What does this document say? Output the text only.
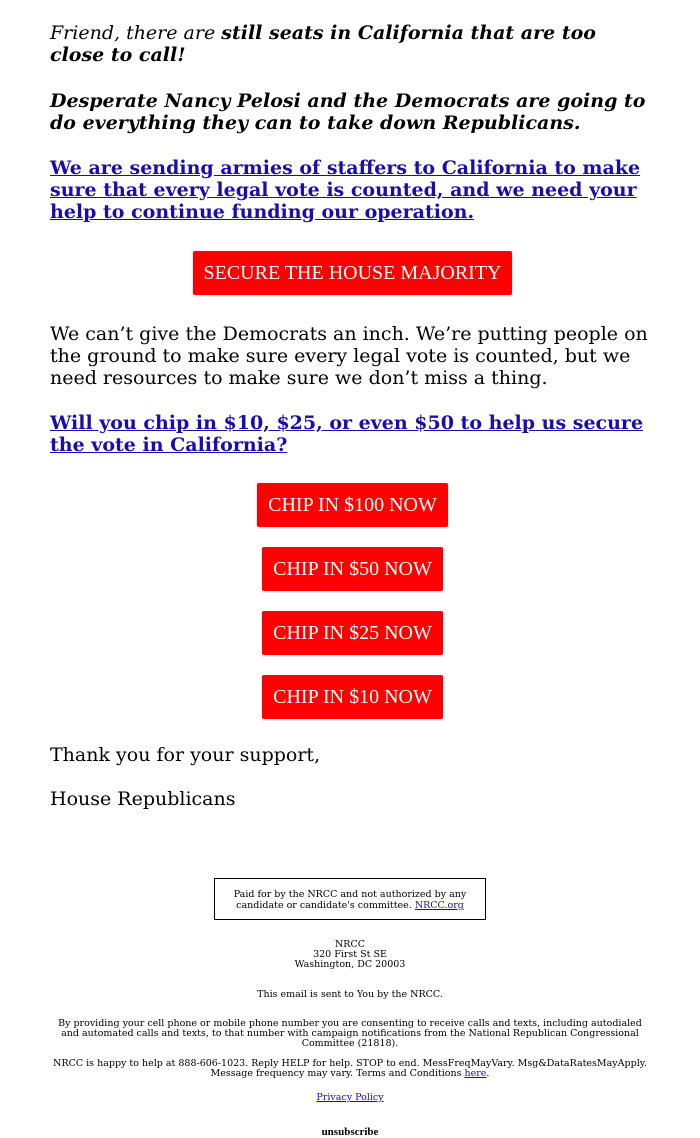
Friend, there are still seats in California that are too close to call!

Desperate Nancy Pelosi and the Democrats are going to do everything they can to take down Republicans.

We are sending armies of staffers to California to make sure that every legal vote is counted, and we need your help to continue funding our operation.
SECURE THE HOUSE MAJORITY

We can’t give the Democrats an inch. We’re putting people on the ground to make sure every legal vote is counted, but we need resources to make sure we don’t miss a thing.

Will you chip in $10, $25, or even $50 to help us secure the vote in California?
CHIP IN $100 NOW
CHIP IN $50 NOW
CHIP IN $25 NOW
CHIP IN $10 NOW

Thank you for your support,

House Republicans

Paid for by the NRCC and not authorized by any candidate or candidate's committee. NRCC.org
NRCC
320 First St SE
Washington, DC 20003
This email is sent to You by the NRCC.
By providing your cell phone or mobile phone number you are consenting to receive calls and texts, including autodialed and automated calls and texts, to that number with campaign notifications from the National Republican Congressional Committee (21818).
NRCC is happy to help at 888-606-1023. Reply HELP for help. STOP to end. MessFreqMayVary. Msg&DataRatesMayApply. Message frequency may vary. Terms and Conditions here.
Privacy Policy
unsubscribe
